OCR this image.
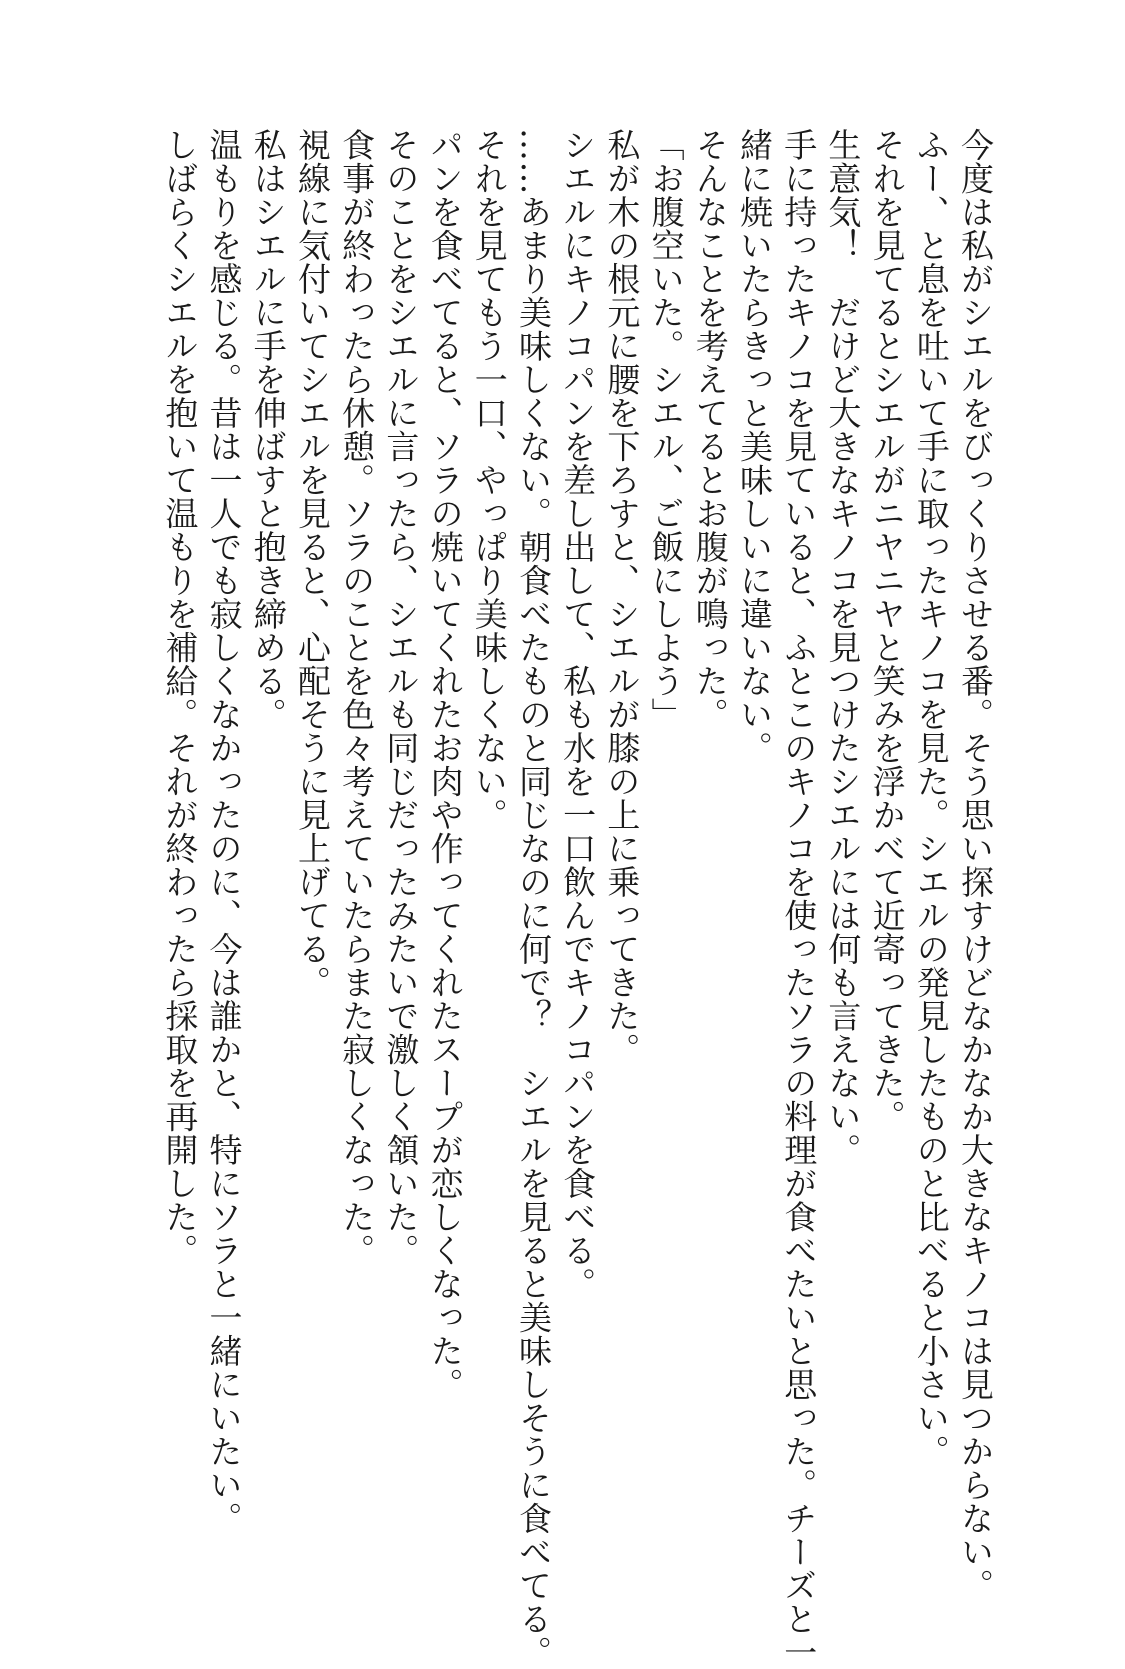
今度は私がシエルをびっくりさせる番。そう思い探すけどなかなか大きなキノコは見つからない。

ふー、と息を吐いて手に取ったキノコを見た。シエルの発見したものと比べると小さい。

それを見てるとシエルがニヤニヤと笑みを浮かべて近寄ってきた。

生意気！　だけど大きなキノコを見つけたシエルには何も言えない。

手に持ったキノコを見ていると、ふとこのキノコを使ったソラの料理が食べたいと思った。チーズと一

緒に焼いたらきっと美味しいに違いない。

そんなことを考えてるとお腹が鳴った。

「お腹空いた。シエル、ご飯にしよう」

私が木の根元に腰を下ろすと、シエルが膝の上に乗ってきた。

シエルにキノコパンを差し出して、私も水を一口飲んでキノコパンを食べる。

……あまり美味しくない。朝食べたものと同じなのに何で？　シエルを見ると美味しそうに食べてる。

それを見てもう一口、やっぱり美味しくない。

パンを食べてると、ソラの焼いてくれたお肉や作ってくれたスープが恋しくなった。

そのことをシエルに言ったら、シエルも同じだったみたいで激しく頷いた。

食事が終わったら休憩。ソラのことを色々考えていたらまた寂しくなった。

視線に気付いてシエルを見ると、心配そうに見上げてる。

私はシエルに手を伸ばすと抱き締める。

温もりを感じる。昔は一人でも寂しくなかったのに、今は誰かと、特にソラと一緒にいたい。

しばらくシエルを抱いて温もりを補給。それが終わったら採取を再開した。
